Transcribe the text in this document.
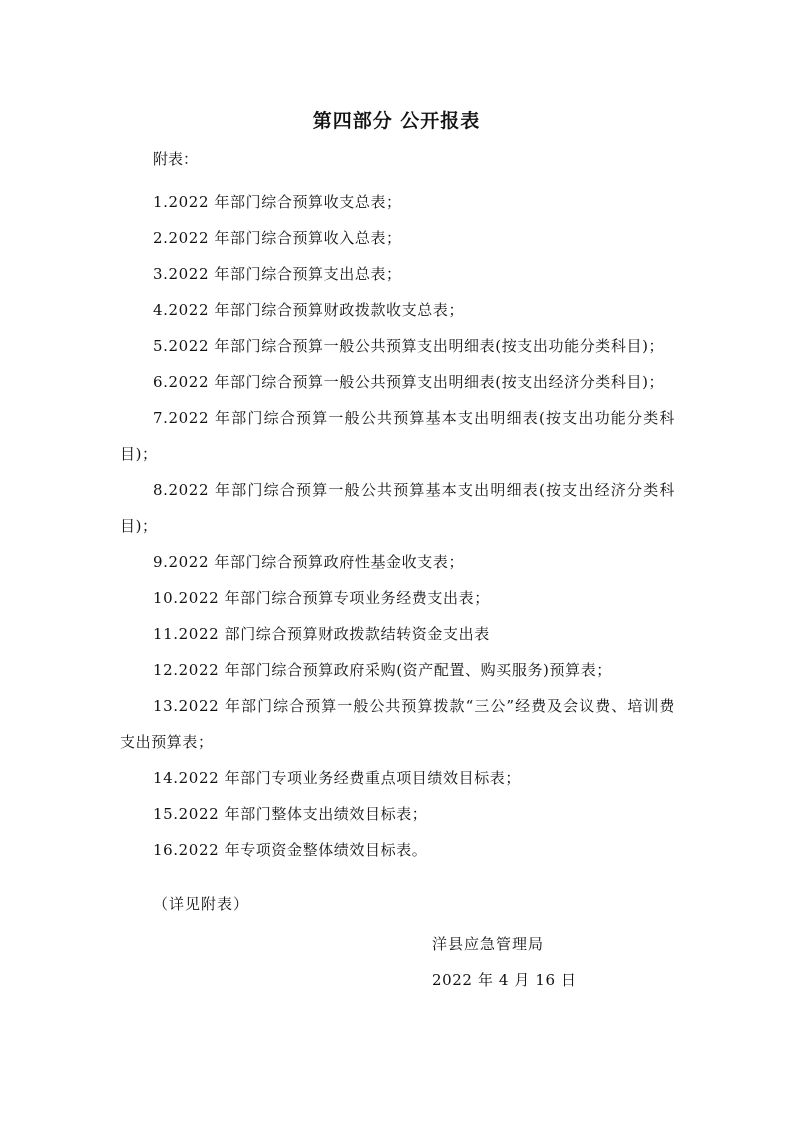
第四部分 公开报表

附表：

1.2022 年部门综合预算收支总表；
2.2022 年部门综合预算收入总表；
3.2022 年部门综合预算支出总表；
4.2022 年部门综合预算财政拨款收支总表；
5.2022 年部门综合预算一般公共预算支出明细表(按支出功能分类科目)；
6.2022 年部门综合预算一般公共预算支出明细表(按支出经济分类科目)；
7.2022 年部门综合预算一般公共预算基本支出明细表(按支出功能分类科目)；
8.2022 年部门综合预算一般公共预算基本支出明细表(按支出经济分类科目)；
9.2022 年部门综合预算政府性基金收支表；
10.2022 年部门综合预算专项业务经费支出表；
11.2022 部门综合预算财政拨款结转资金支出表
12.2022 年部门综合预算政府采购(资产配置、购买服务)预算表；
13.2022 年部门综合预算一般公共预算拨款“三公”经费及会议费、培训费支出预算表；
14.2022 年部门专项业务经费重点项目绩效目标表；
15.2022 年部门整体支出绩效目标表；
16.2022 年专项资金整体绩效目标表。

（详见附表）

洋县应急管理局

2022 年 4 月 16 日
